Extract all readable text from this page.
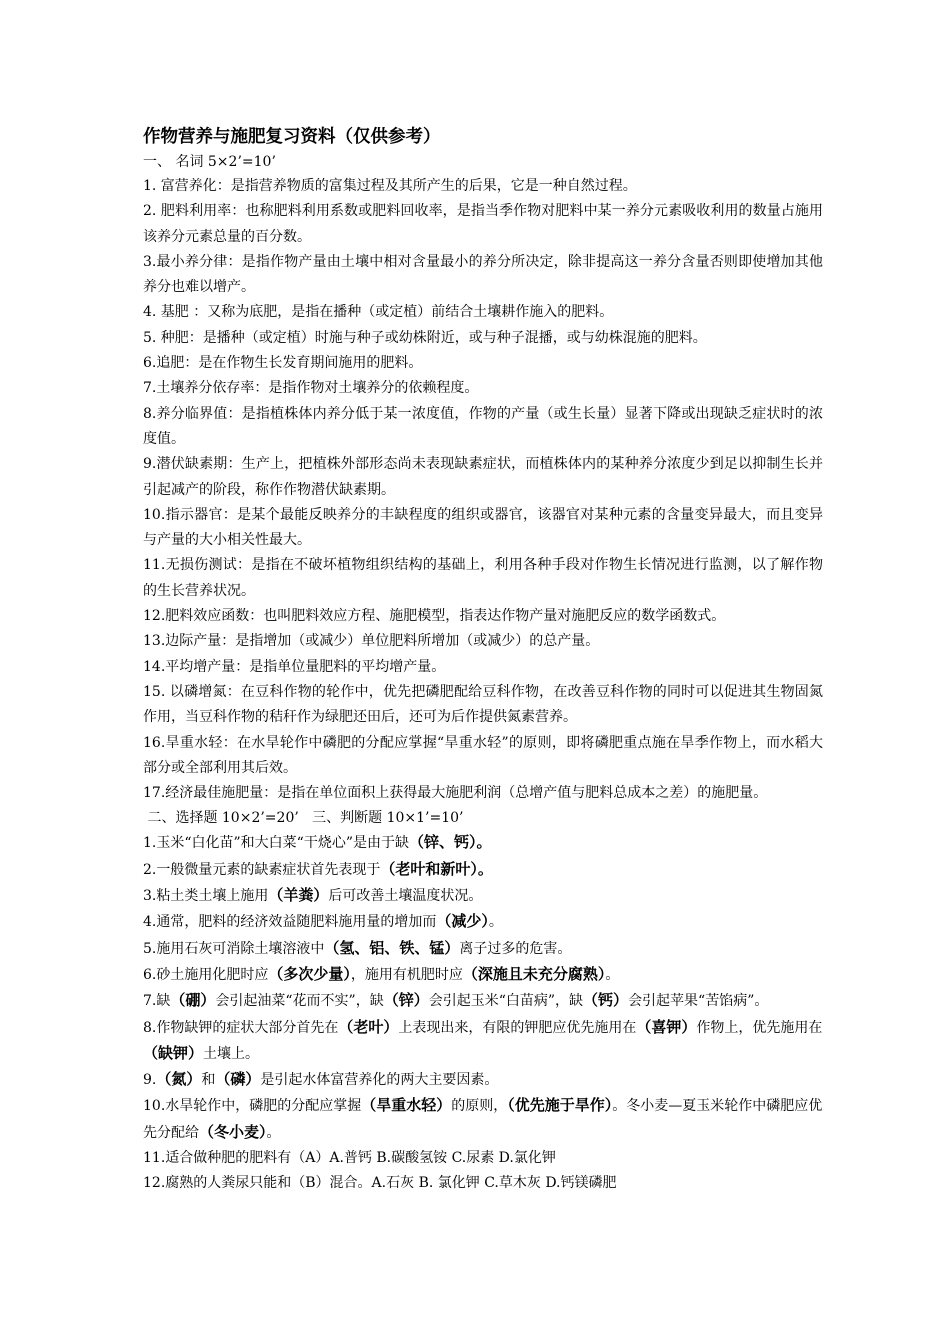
作物营养与施肥复习资料（仅供参考）

一、 名词 5×2’=10’

1. 富营养化：是指营养物质的富集过程及其所产生的后果，它是一种自然过程。

2. 肥料利用率：也称肥料利用系数或肥料回收率，是指当季作物对肥料中某一养分元素吸收利用的数量占施用该养分元素总量的百分数。

3.最小养分律：是指作物产量由土壤中相对含量最小的养分所决定，除非提高这一养分含量否则即使增加其他养分也难以增产。

4. 基肥 ：又称为底肥，是指在播种（或定植）前结合土壤耕作施入的肥料。

5. 种肥：是播种（或定植）时施与种子或幼株附近，或与种子混播，或与幼株混施的肥料。

6.追肥：是在作物生长发育期间施用的肥料。

7.土壤养分依存率：是指作物对土壤养分的依赖程度。

8.养分临界值：是指植株体内养分低于某一浓度值，作物的产量（或生长量）显著下降或出现缺乏症状时的浓度值。

9.潜伏缺素期：生产上，把植株外部形态尚未表现缺素症状，而植株体内的某种养分浓度少到足以抑制生长并引起减产的阶段，称作作物潜伏缺素期。

10.指示器官：是某个最能反映养分的丰缺程度的组织或器官，该器官对某种元素的含量变异最大，而且变异与产量的大小相关性最大。

11.无损伤测试：是指在不破坏植物组织结构的基础上，利用各种手段对作物生长情况进行监测，以了解作物的生长营养状况。

12.肥料效应函数：也叫肥料效应方程、施肥模型，指表达作物产量对施肥反应的数学函数式。

13.边际产量：是指增加（或减少）单位肥料所增加（或减少）的总产量。

14.平均增产量：是指单位量肥料的平均增产量。

15. 以磷增氮：在豆科作物的轮作中，优先把磷肥配给豆科作物，在改善豆科作物的同时可以促进其生物固氮作用，当豆科作物的秸秆作为绿肥还田后，还可为后作提供氮素营养。

16.旱重水轻：在水旱轮作中磷肥的分配应掌握“旱重水轻”的原则，即将磷肥重点施在旱季作物上，而水稻大部分或全部利用其后效。

17.经济最佳施肥量：是指在单位面积上获得最大施肥利润（总增产值与肥料总成本之差）的施肥量。

二、选择题 10×2’=20’   三、判断题 10×1’=10’

1.玉米“白化苗”和大白菜“干烧心”是由于缺（锌、钙）。

2.一般微量元素的缺素症状首先表现于（老叶和新叶）。

3.粘土类土壤上施用（羊粪）后可改善土壤温度状况。

4.通常，肥料的经济效益随肥料施用量的增加而（减少）。

5.施用石灰可消除土壤溶液中（氢、铝、铁、锰）离子过多的危害。

6.砂土施用化肥时应（多次少量），施用有机肥时应（深施且未充分腐熟）。

7.缺（硼）会引起油菜“花而不实”，缺（锌）会引起玉米“白苗病”，缺（钙）会引起苹果“苦馅病”。

8.作物缺钾的症状大部分首先在（老叶）上表现出来，有限的钾肥应优先施用在（喜钾）作物上，优先施用在（缺钾）土壤上。

9.（氮）和（磷）是引起水体富营养化的两大主要因素。

10.水旱轮作中，磷肥的分配应掌握（旱重水轻）的原则，（优先施于旱作）。冬小麦—夏玉米轮作中磷肥应优先分配给（冬小麦）。

11.适合做种肥的肥料有（A）A.普钙 B.碳酸氢铵 C.尿素 D.氯化钾

12.腐熟的人粪尿只能和（B）混合。A.石灰 B. 氯化钾 C.草木灰 D.钙镁磷肥
